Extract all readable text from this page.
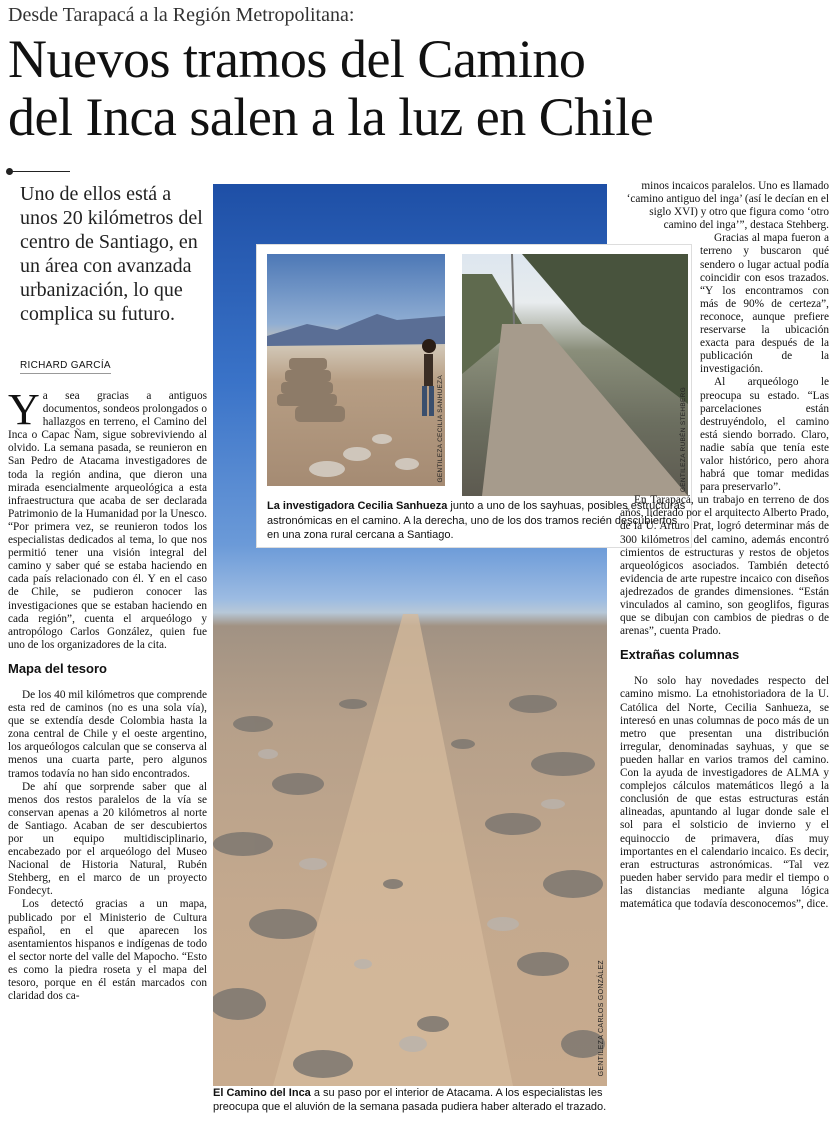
Desde Tarapacá a la Región Metropolitana:
Nuevos tramos del Camino
del Inca salen a la luz en Chile
Uno de ellos está a unos 20 kilómetros del centro de Santiago, en un área con avanzada urbanización, lo que complica su futuro.
RICHARD GARCÍA

Ya sea gracias a antiguos documentos, sondeos prolongados o hallazgos en terreno, el Camino del Inca o Capac Ñam, sigue sobreviviendo al olvido. La semana pasada, se reunieron en San Pedro de Atacama investigadores de toda la región andina, que dieron una mirada esencialmente arqueológica a esta infraestructura que acaba de ser declarada Patrimonio de la Humanidad por la Unesco. “Por primera vez, se reunieron todos los especialistas dedicados al tema, lo que nos permitió tener una visión integral del camino y saber qué se estaba haciendo en cada país relacionado con él. Y en el caso de Chile, se pudieron conocer las investigaciones que se estaban haciendo en cada región”, cuenta el arqueólogo y antropólogo Carlos González, quien fue uno de los organizadores de la cita.

Mapa del tesoro

De los 40 mil kilómetros que comprende esta red de caminos (no es una sola vía), que se extendía desde Colombia hasta la zona central de Chile y el oeste argentino, los arqueólogos calculan que se conserva al menos una cuarta parte, pero algunos tramos todavía no han sido encontrados.

De ahí que sorprende saber que al menos dos restos paralelos de la vía se conservan apenas a 20 kilómetros al norte de Santiago. Acaban de ser descubiertos por un equipo multidisciplinario, encabezado por el arqueólogo del Museo Nacional de Historia Natural, Rubén Stehberg, en el marco de un proyecto Fondecyt.

Los detectó gracias a un mapa, publicado por el Ministerio de Cultura español, en el que aparecen los asentamientos hispanos e indígenas de todo el sector norte del valle del Mapocho. “Esto es como la piedra roseta y el mapa del tesoro, porque en él están marcados con claridad dos ca-	GENTILEZA CARLOS GONZÁLEZ
El Camino del Inca a su paso por el interior de Atacama. A los especialistas les preocupa que el aluvión de la semana pasada pudiera haber alterado el trazado.
GENTILEZA CECILIA SANHUEZA	GENTILEZA RUBÉN STEHBERG
La investigadora Cecilia Sanhueza junto a uno de los sayhuas, posibles estructuras astronómicas en el camino. A la derecha, uno de los dos tramos recién descubiertos en una zona rural cercana a Santiago.

minos incaicos paralelos. Uno es llamado ‘camino antiguo del inga’ (así le decían en el siglo XVI) y otro que figura como ‘otro camino del inga’”, destaca Stehberg.

Gracias al mapa fueron a terreno y buscaron qué sendero o lugar actual podía coincidir con esos trazados. “Y los encontramos con más de 90% de certeza”, reconoce, aunque prefiere reservarse la ubicación exacta para después de la publicación de la investigación.

Al arqueólogo le preocupa su estado. “Las parcelaciones están destruyéndolo, el camino está siendo borrado. Claro, nadie sabía que tenía este valor histórico, pero ahora habrá que tomar medidas para preservarlo”.

En Tarapacá, un trabajo en terreno de dos años, liderado por el arquitecto Alberto Prado, de la U. Arturo Prat, logró determinar más de 300 kilómetros del camino, además encontró cimientos de estructuras y restos de objetos arqueológicos asociados. También detectó evidencia de arte rupestre incaico con diseños ajedrezados de grandes dimensiones. “Están vinculados al camino, son geoglifos, figuras que se dibujan con cambios de piedras o de arenas”, cuenta Prado.

Extrañas columnas

No solo hay novedades respecto del camino mismo. La etnohistoriadora de la U. Católica del Norte, Cecilia Sanhueza, se interesó en unas columnas de poco más de un metro que presentan una distribución irregular, denominadas sayhuas, y que se pueden hallar en varios tramos del camino. Con la ayuda de investigadores de ALMA y complejos cálculos matemáticos llegó a la conclusión de que estas estructuras están alineadas, apuntando al lugar donde sale el sol para el solsticio de invierno y el equinoccio de primavera, días muy importantes en el calendario incaico. Es decir, eran estructuras astronómicas. “Tal vez pueden haber servido para medir el tiempo o las distancias mediante alguna lógica matemática que todavía desconocemos”, dice.
